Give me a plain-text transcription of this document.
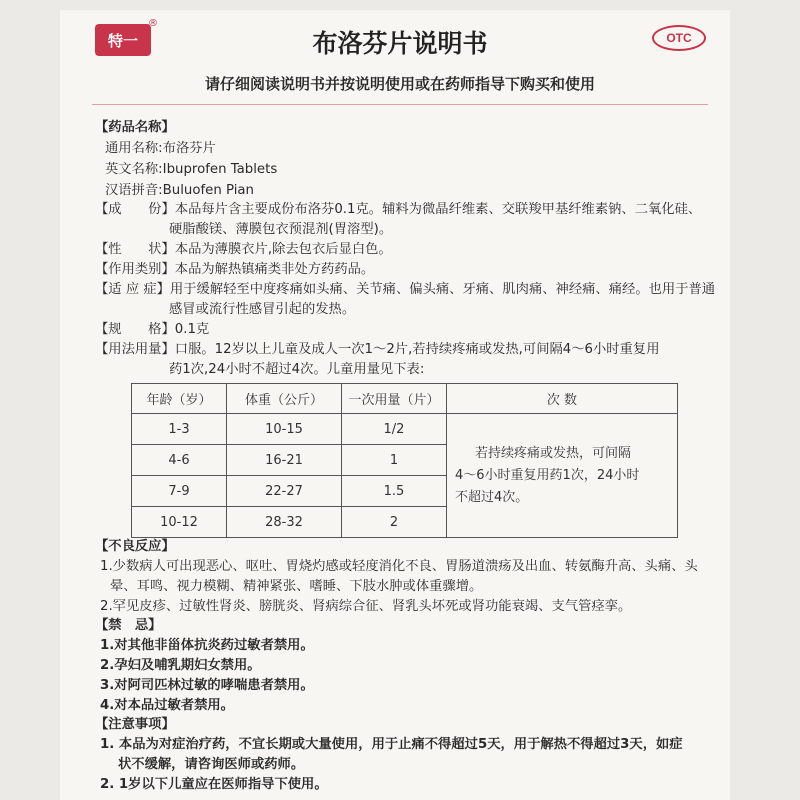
特一
®
OTC
布洛芬片说明书
请仔细阅读说明书并按说明使用或在药师指导下购买和使用
【药品名称】
通用名称:布洛芬片
英文名称:Ibuprofen Tablets
汉语拼音:Buluofen Pian
【成　　份】本品每片含主要成份布洛芬0.1克。辅料为微晶纤维素、交联羧甲基纤维素钠、二氧化硅、
硬脂酸镁、薄膜包衣预混剂(胃溶型)。
【性　　状】本品为薄膜衣片,除去包衣后显白色。
【作用类别】本品为解热镇痛类非处方药药品。
【适 应 症】用于缓解轻至中度疼痛如头痛、关节痛、偏头痛、牙痛、肌肉痛、神经痛、痛经。也用于普通
感冒或流行性感冒引起的发热。
【规　　格】0.1克
【用法用量】口服。12岁以上儿童及成人一次1～2片,若持续疼痛或发热,可间隔4～6小时重复用
药1次,24小时不超过4次。儿童用量见下表:
年龄（岁）	体重（公斤）	一次用量（片）	次 数
1-3	10-15	1/2	若持续疼痛或发热，可间隔
4～6小时重复用药1次，24小时
不超过4次。

4-6	16-21	1	
7-9	22-27	1.5	
10-12	28-32	2	
【不良反应】
1.少数病人可出现恶心、呕吐、胃烧灼感或轻度消化不良、胃肠道溃疡及出血、转氨酶升高、头痛、头
晕、耳鸣、视力模糊、精神紧张、嗜睡、下肢水肿或体重骤增。
2.罕见皮疹、过敏性肾炎、膀胱炎、肾病综合征、肾乳头坏死或肾功能衰竭、支气管痉挛。
【禁　忌】
1.对其他非甾体抗炎药过敏者禁用。
2.孕妇及哺乳期妇女禁用。
3.对阿司匹林过敏的哮喘患者禁用。
4.对本品过敏者禁用。
【注意事项】
1. 本品为对症治疗药，不宜长期或大量使用，用于止痛不得超过5天，用于解热不得超过3天，如症
状不缓解，请咨询医师或药师。
2. 1岁以下儿童应在医师指导下使用。
